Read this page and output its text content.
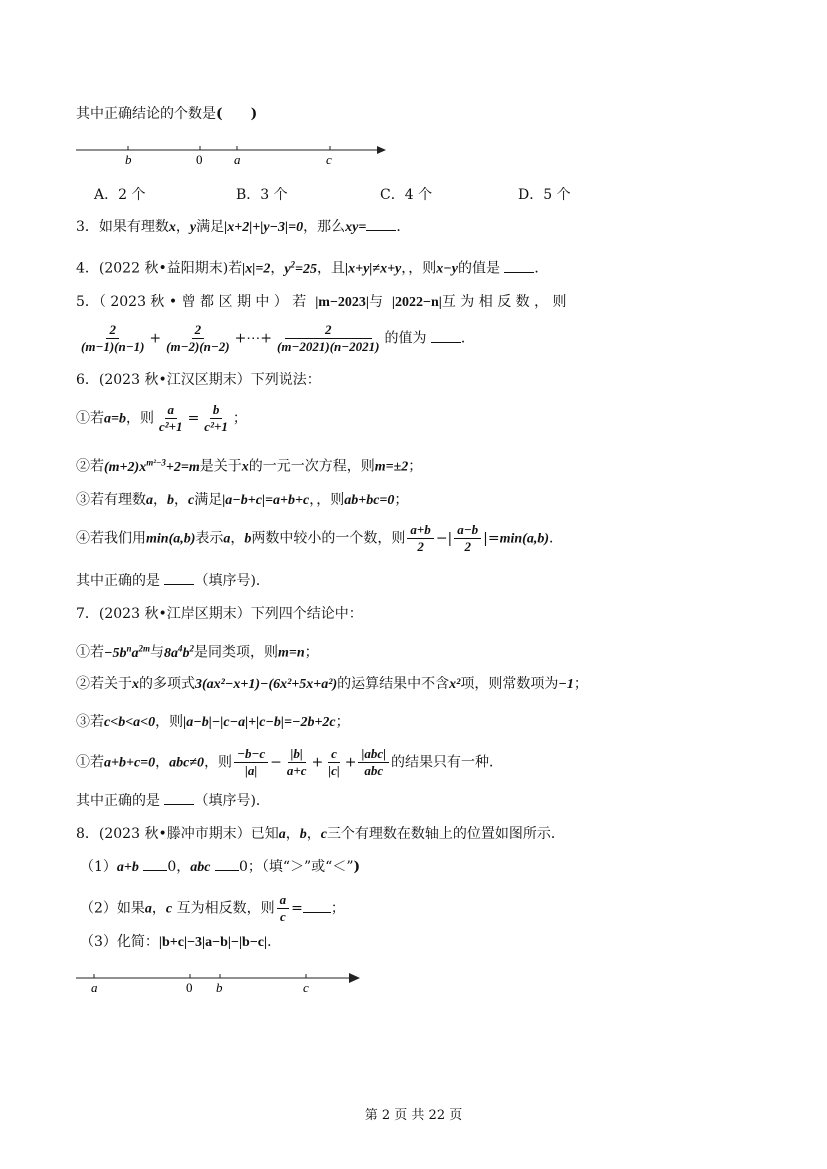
其中正确结论的个数是(　　)
b	0 a	c
A．2 个	B．3 个	C．4 个	D．5 个
3．如果有理数x，y满足|x+2|+|y−3|=0，那么xy= ．
4．(2022 秋•益阳期末)若|x|=2，$y^2=25$，且|x+y|≠x+y，，则x−y的值是 ．
5．（ 2023 秋 • 曾 都 区 期 中 ） 若 |m−2023|与 |2022−n|互 为 相 反 数 ， 则
$\frac{2}{(m-1)(n-1)} + \frac{2}{(m-2)(n-2)}$ +⋯+ $\frac{2}{(m-2021)(n-2021)}$ 的值为 ．
6．(2023 秋•江汉区期末）下列说法：
①若a=b，则 $\frac{a}{\text{c²+1}} = \frac{b}{\text{c²+1}}$ ；
②若$(m+2)x^{m^2-3}+2=m$是关于x的一元一次方程，则m=±2；
③若有理数a，b，c满足|a−b+c|=a+b+c，，则ab+bc=0；
④若我们用min(a,b)表示a，b两数中较小的一个数，则 $\frac{a+b}{2}$ −| $\frac{a-b}{2} |=\min(a,b)$．
其中正确的是 （填序号)．
7．(2023 秋•江岸区期末）下列四个结论中：
①若$-5b^na^{2m}$与$8a^4b^2$是同类项，则m=n；
②若关于x的多项式3(ax²−x+1)−(6x²+5x+a²)的运算结果中不含x²项，则常数项为−1；
③若c<b<a<0，则|a−b|−|c−a|+|c−b|=−2b+2c；
①若a+b+c=0，abc≠0，则 $\frac{-b-c}{|a|} - \frac{|b|}{a+c} + \frac{c}{|c|} + \frac{\text{|abc|}}{\text{abc}}$ 的结果只有一种．
其中正确的是 （填序号)．
8．(2023 秋•滕冲市期末）已知a，b，c三个有理数在数轴上的位置如图所示．
（1）a+b 0，abc 0；（填“＞”或“＜”)
（2）如果a，c 互为相反数，则 $\frac{a}{c}$ = ；
（3）化简：|b+c|−3|a−b|−|b−c|．
a	0 b	c
第 2 页 共 22 页
